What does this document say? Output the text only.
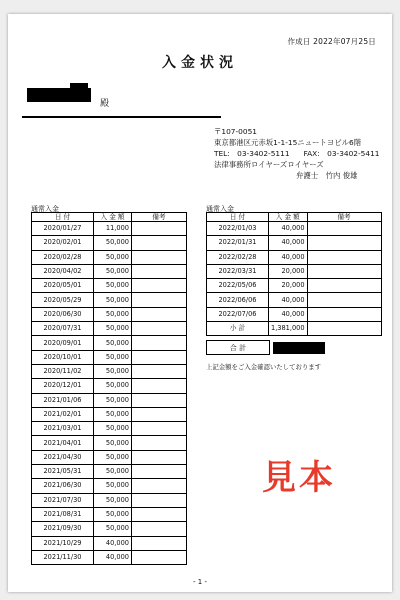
作成日 2022年07月25日
入金状況
殿
〒107-0051
東京都港区元赤坂1-1-15ニュートヨビル6階
TEL:　03-3402-5111 FAX:　03-3402-5411
法律事務所ロイヤーズロイヤーズ
弁護士　竹内 俊雄
通常入金
日 付	入 金 額	備考
2020/01/27	11,000	
2020/02/01	50,000	
2020/02/28	50,000	
2020/04/02	50,000	
2020/05/01	50,000	
2020/05/29	50,000	
2020/06/30	50,000	
2020/07/31	50,000	
2020/09/01	50,000	
2020/10/01	50,000	
2020/11/02	50,000	
2020/12/01	50,000	
2021/01/06	50,000	
2021/02/01	50,000	
2021/03/01	50,000	
2021/04/01	50,000	
2021/04/30	50,000	
2021/05/31	50,000	
2021/06/30	50,000	
2021/07/30	50,000	
2021/08/31	50,000	
2021/09/30	50,000	
2021/10/29	40,000	
2021/11/30	40,000	
通常入金
日 付	入 金 額	備考
2022/01/03	40,000	
2022/01/31	40,000	
2022/02/28	40,000	
2022/03/31	20,000	
2022/05/06	20,000	
2022/06/06	40,000	
2022/07/06	40,000	
小 計	1,381,000	
合 計
上記金額をご入金確認いたしております
見本
- 1 -
